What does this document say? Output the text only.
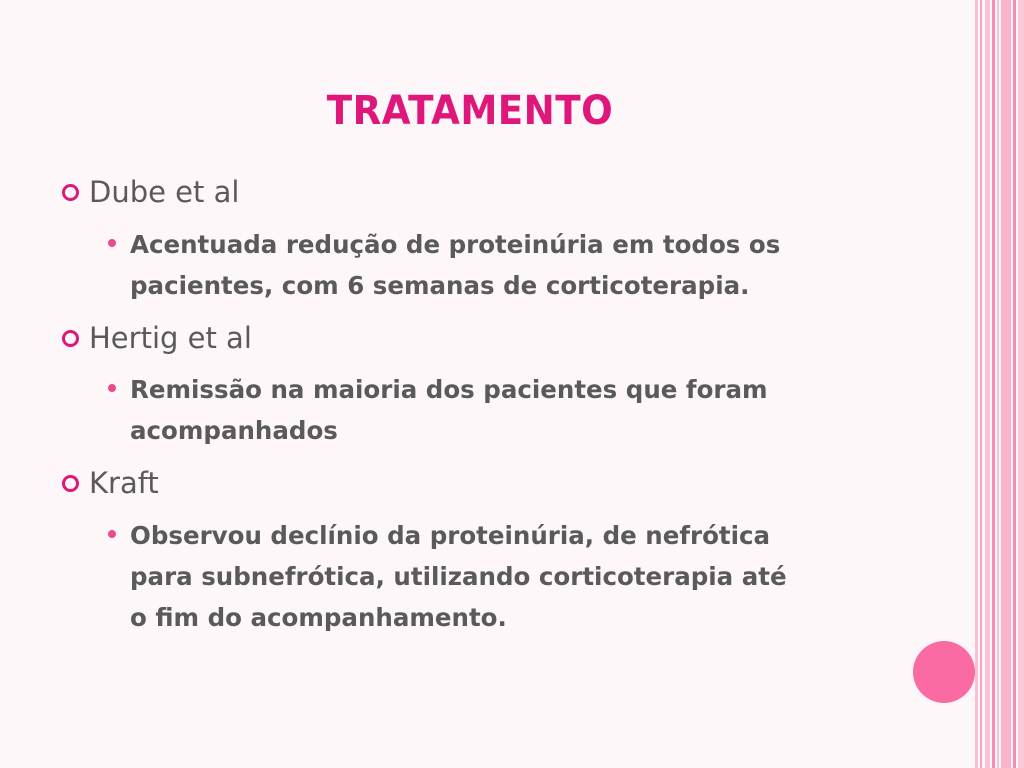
TRATAMENTO
Dube et al
Acentuada redução de proteinúria em todos os
pacientes, com 6 semanas de corticoterapia.
Hertig et al
Remissão na maioria dos pacientes que foram
acompanhados
Kraft
Observou declínio da proteinúria, de nefrótica
para subnefrótica, utilizando corticoterapia até
o fim do acompanhamento.
